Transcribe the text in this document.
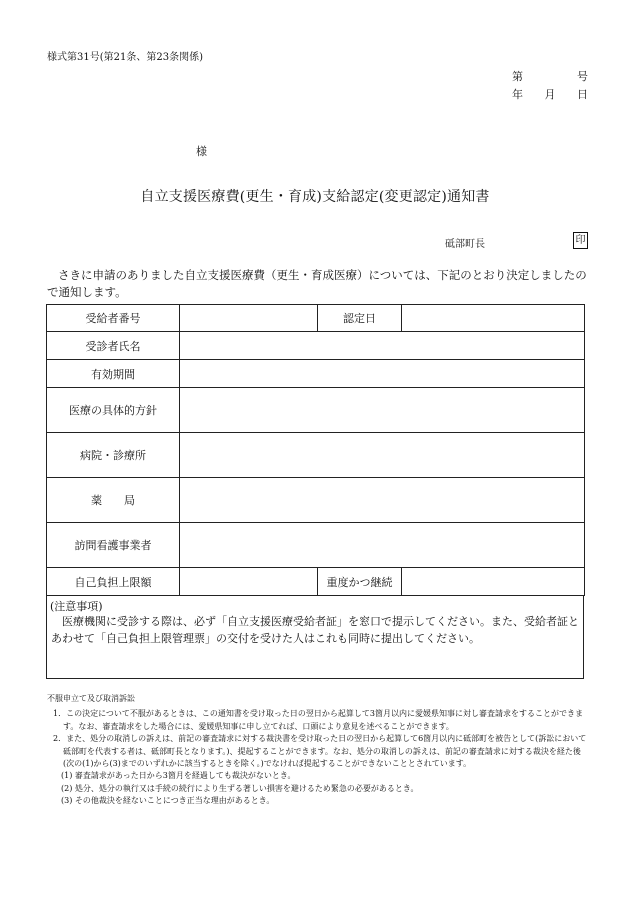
様式第31号(第21条、第23条関係)
第	号
年 月 日
様
自立支援医療費(更生・育成)支給認定(変更認定)通知書
砥部町長	印
さきに申請のありました自立支援医療費（更生・育成医療）については、下記のとおり決定しましたので通知します。
受給者番号		認定日	
受診者氏名			
有効期間			
医療の具体的方針			
病院・診療所			
薬　　局			
訪問看護事業者			
自己負担上限額		重度かつ継続	
(注意事項)
医療機関に受診する際は、必ず「自立支援医療受給者証」を窓口で提示してください。また、受給者証とあわせて「自己負担上限管理票」の交付を受けた人はこれも同時に提出してください。
不服申立て及び取消訴訟
1．この決定について不服があるときは、この通知書を受け取った日の翌日から起算して3箇月以内に愛媛県知事に対し審査請求をすることができます。なお、審査請求をした場合には、愛媛県知事に申し立てれば、口頭により意見を述べることができます。
2．また、処分の取消しの訴えは、前記の審査請求に対する裁決書を受け取った日の翌日から起算して6箇月以内に砥部町を被告として(訴訟において砥部町を代表する者は、砥部町長となります。)、提起することができます。なお、処分の取消しの訴えは、前記の審査請求に対する裁決を経た後(次の(1)から(3)までのいずれかに該当するときを除く。)でなければ提起することができないこととされています。
(1) 審査請求があった日から3箇月を経過しても裁決がないとき。
(2) 処分、処分の執行又は手続の続行により生ずる著しい損害を避けるため緊急の必要があるとき。
(3) その他裁決を経ないことにつき正当な理由があるとき。
